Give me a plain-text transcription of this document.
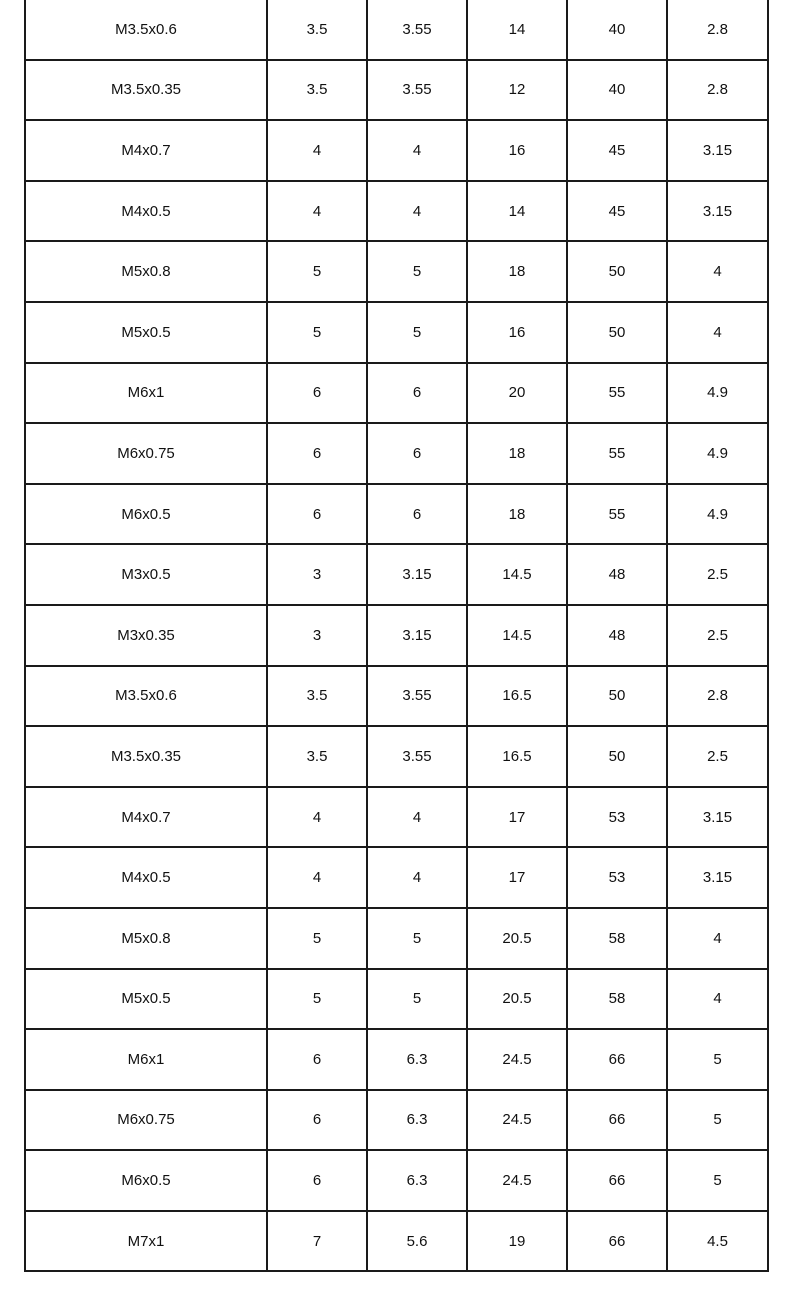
M3.5x0.6	3.5	3.55	14	40	2.8
M3.5x0.35	3.5	3.55	12	40	2.8
M4x0.7	4	4	16	45	3.15
M4x0.5	4	4	14	45	3.15
M5x0.8	5	5	18	50	4
M5x0.5	5	5	16	50	4
M6x1	6	6	20	55	4.9
M6x0.75	6	6	18	55	4.9
M6x0.5	6	6	18	55	4.9
M3x0.5	3	3.15	14.5	48	2.5
M3x0.35	3	3.15	14.5	48	2.5
M3.5x0.6	3.5	3.55	16.5	50	2.8
M3.5x0.35	3.5	3.55	16.5	50	2.5
M4x0.7	4	4	17	53	3.15
M4x0.5	4	4	17	53	3.15
M5x0.8	5	5	20.5	58	4
M5x0.5	5	5	20.5	58	4
M6x1	6	6.3	24.5	66	5
M6x0.75	6	6.3	24.5	66	5
M6x0.5	6	6.3	24.5	66	5
M7x1	7	5.6	19	66	4.5
